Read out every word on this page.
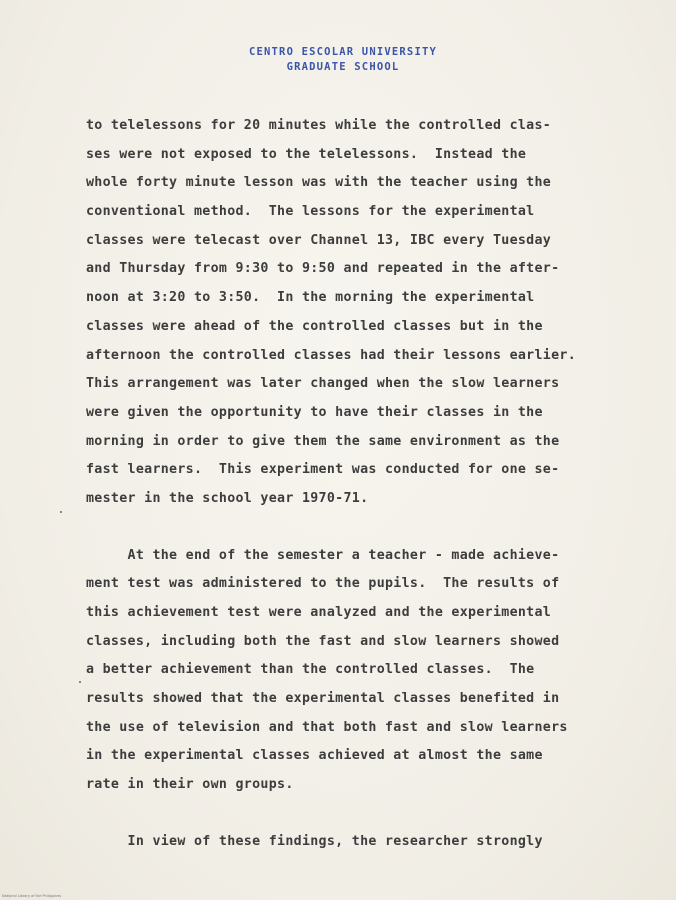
CENTRO ESCOLAR UNIVERSITY
GRADUATE SCHOOL
to telelessons for 20 minutes while the controlled clas-
ses were not exposed to the telelessons.  Instead the
whole forty minute lesson was with the teacher using the
conventional method.  The lessons for the experimental
classes were telecast over Channel 13, IBC every Tuesday
and Thursday from 9:30 to 9:50 and repeated in the after-
noon at 3:20 to 3:50.  In the morning the experimental
classes were ahead of the controlled classes but in the
afternoon the controlled classes had their lessons earlier.
This arrangement was later changed when the slow learners
were given the opportunity to have their classes in the
morning in order to give them the same environment as the
fast learners.  This experiment was conducted for one se-
mester in the school year 1970-71.
At the end of the semester a teacher - made achieve-
ment test was administered to the pupils.  The results of
this achievement test were analyzed and the experimental
classes, including both the fast and slow learners showed
a better achievement than the controlled classes.  The
results showed that the experimental classes benefited in
the use of television and that both fast and slow learners
in the experimental classes achieved at almost the same
rate in their own groups.
In view of these findings, the researcher strongly
National Library of the Philippines
